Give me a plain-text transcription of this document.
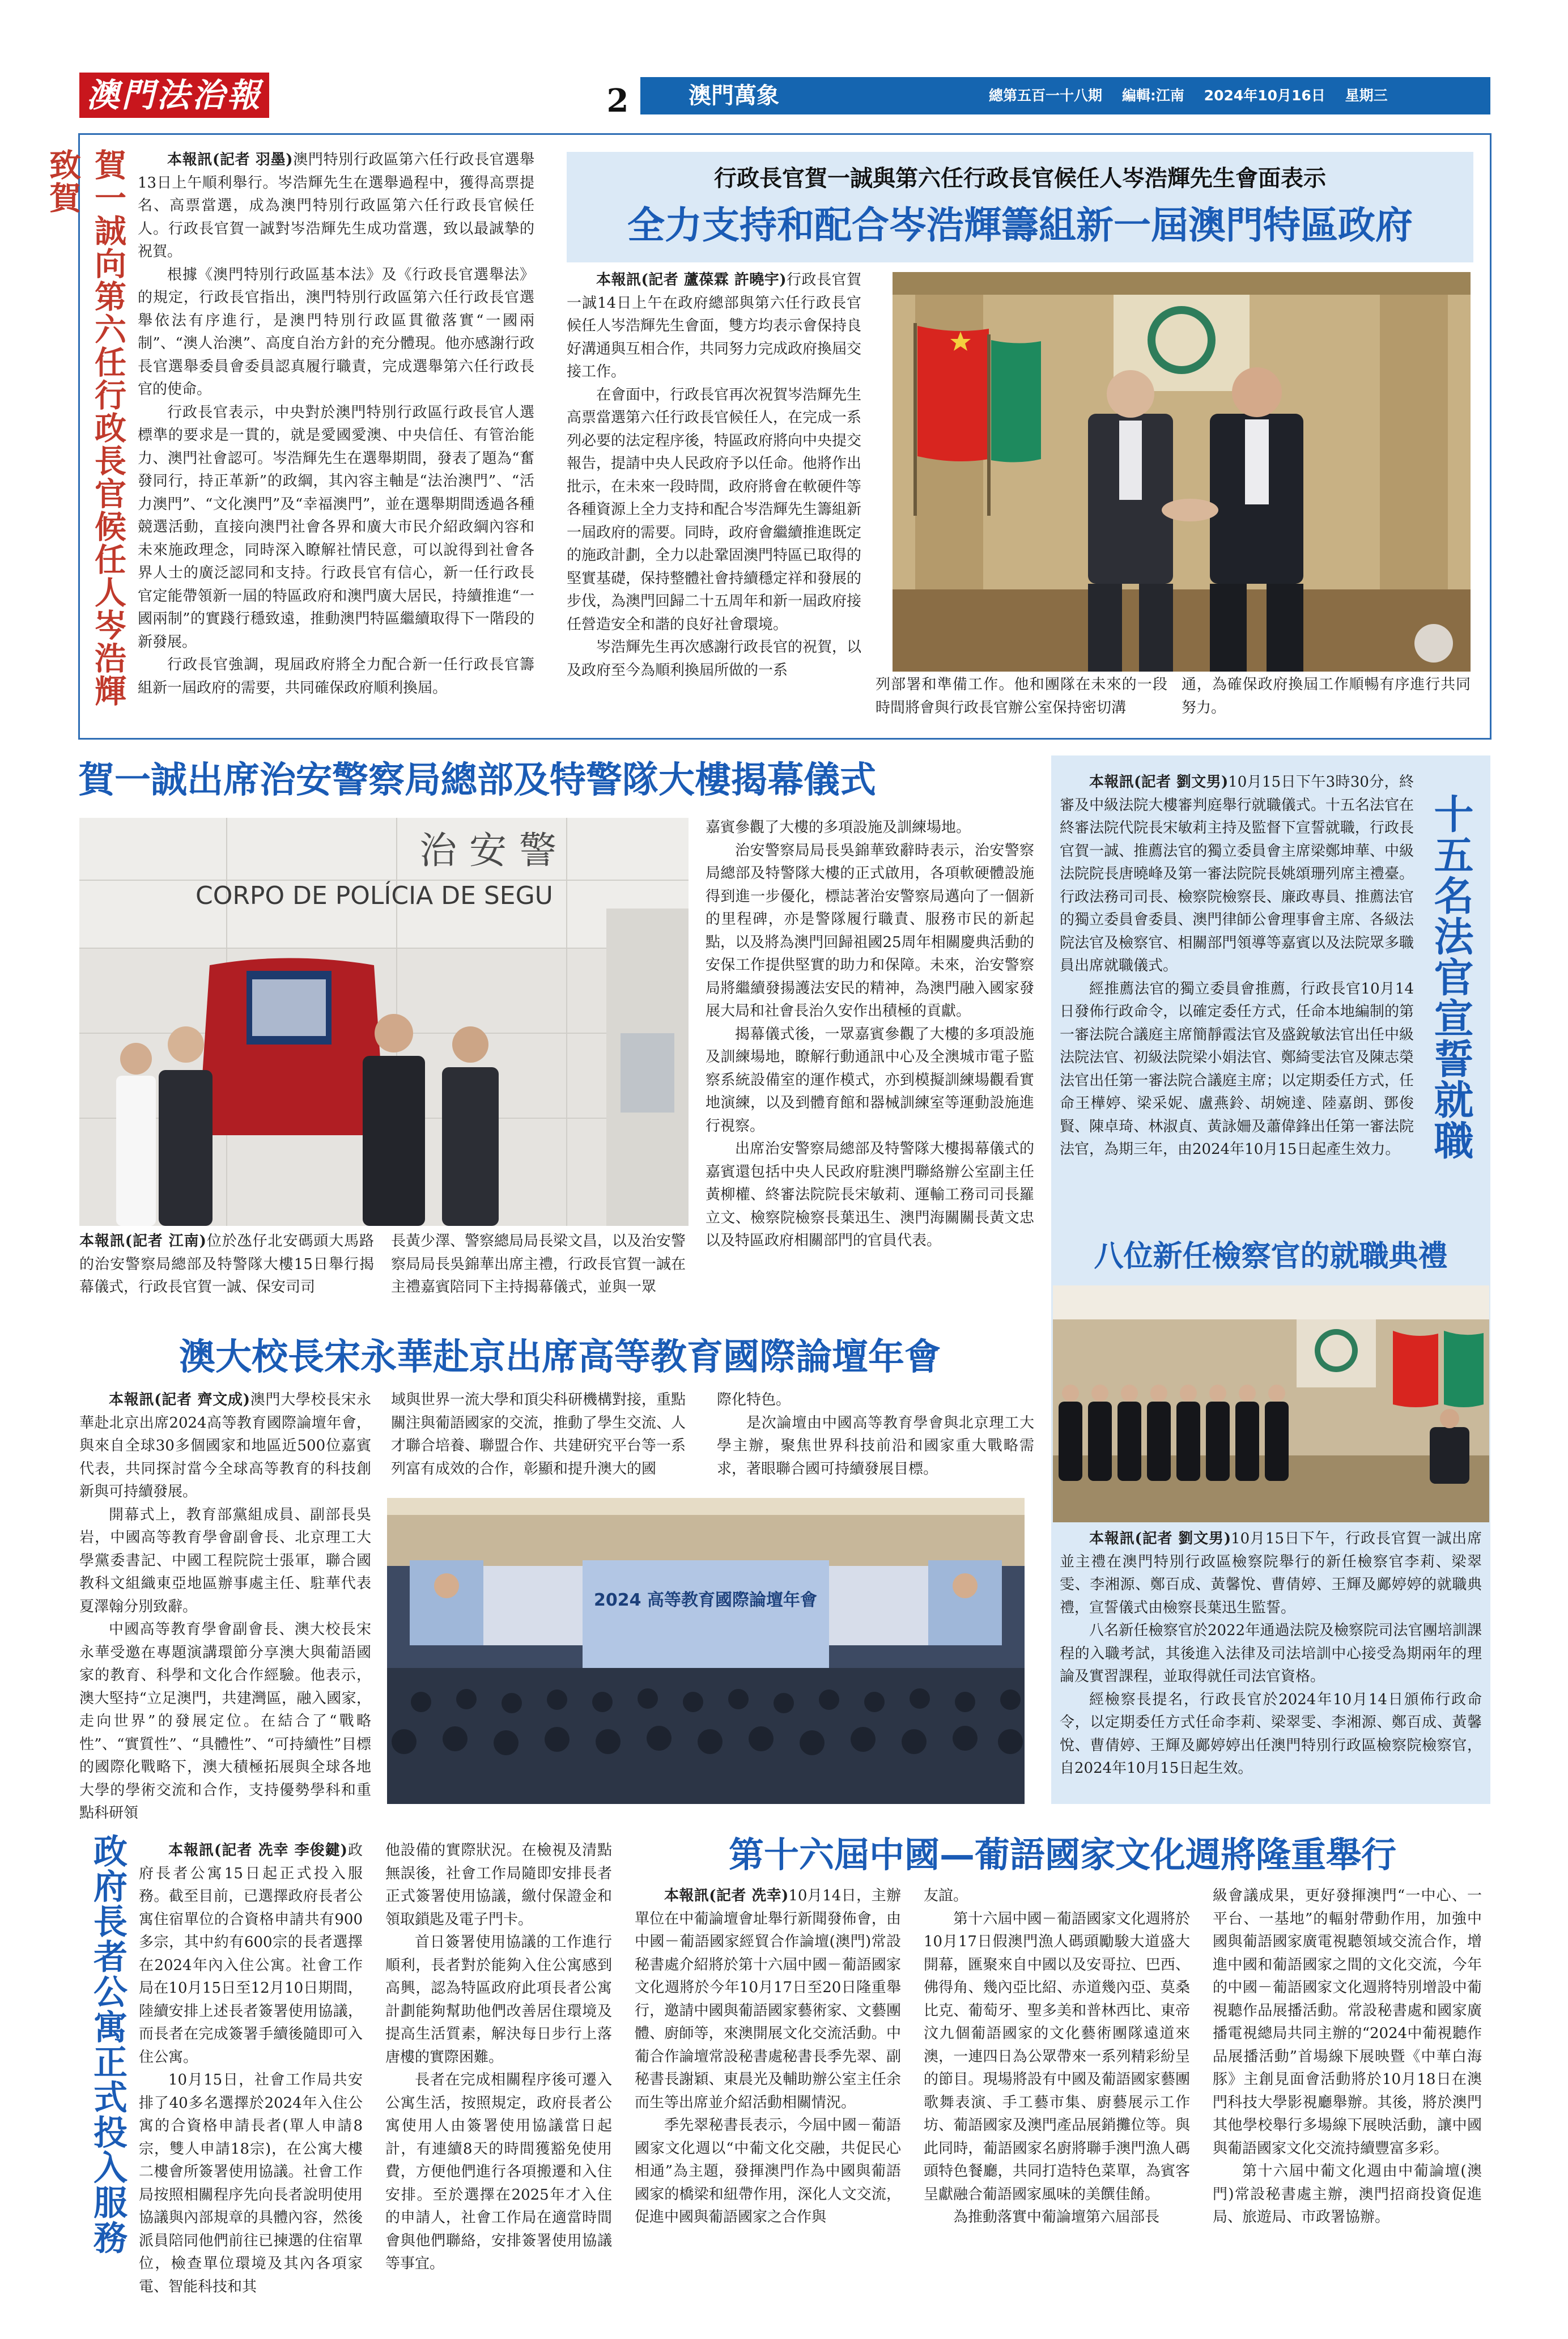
澳門法治報	2	澳門萬象	總第五百一十八期 編輯:江南 2024年10月16日 星期三
賀一誠向第六任行政長官候任人岑浩輝致賀	本報訊(記者 羽墨)澳門特別行政區第六任行政長官選舉13日上午順利舉行。岑浩輝先生在選舉過程中，獲得高票提名、高票當選，成為澳門特別行政區第六任行政長官候任人。行政長官賀一誠對岑浩輝先生成功當選，致以最誠摯的祝賀。

根據《澳門特別行政區基本法》及《行政長官選舉法》的規定，行政長官指出，澳門特別行政區第六任行政長官選舉依法有序進行，是澳門特別行政區貫徹落實“一國兩制”、“澳人治澳”、高度自治方針的充分體現。他亦感謝行政長官選舉委員會委員認真履行職責，完成選舉第六任行政長官的使命。

行政長官表示，中央對於澳門特別行政區行政長官人選標準的要求是一貫的，就是愛國愛澳、中央信任、有管治能力、澳門社會認可。岑浩輝先生在選舉期間，發表了題為“奮發同行，持正革新”的政綱，其內容主軸是“法治澳門”、“活力澳門”、“文化澳門”及“幸福澳門”，並在選舉期間透過各種競選活動，直接向澳門社會各界和廣大市民介紹政綱內容和未來施政理念，同時深入瞭解社情民意，可以說得到社會各界人士的廣泛認同和支持。行政長官有信心，新一任行政長官定能帶領新一屆的特區政府和澳門廣大居民，持續推進“一國兩制”的實踐行穩致遠，推動澳門特區繼續取得下一階段的新發展。

行政長官強調，現屆政府將全力配合新一任行政長官籌組新一屆政府的需要，共同確保政府順利換屆。

行政長官賀一誠與第六任行政長官候任人岑浩輝先生會面表示
全力支持和配合岑浩輝籌組新一屆澳門特區政府

本報訊(記者 蘆葆霖 許曉宇)行政長官賀一誠14日上午在政府總部與第六任行政長官候任人岑浩輝先生會面，雙方均表示會保持良好溝通與互相合作，共同努力完成政府換屆交接工作。

在會面中，行政長官再次祝賀岑浩輝先生高票當選第六任行政長官候任人，在完成一系列必要的法定程序後，特區政府將向中央提交報告，提請中央人民政府予以任命。他將作出批示，在未來一段時間，政府將會在軟硬件等各種資源上全力支持和配合岑浩輝先生籌組新一屆政府的需要。同時，政府會繼續推進既定的施政計劃，全力以赴鞏固澳門特區已取得的堅實基礎，保持整體社會持續穩定祥和發展的步伐，為澳門回歸二十五周年和新一屆政府接任營造安全和諧的良好社會環境。

岑浩輝先生再次感謝行政長官的祝賀，以及政府至今為順利換屆所做的一系

列部署和準備工作。他和團隊在未來的一段時間將會與行政長官辦公室保持密切溝
通，為確保政府換屆工作順暢有序進行共同努力。
賀一誠出席治安警察局總部及特警隊大樓揭幕儀式
治安警
CORPO DE POLÍCIA DE SEGU
本報訊(記者 江南)位於氹仔北安碼頭大馬路的治安警察局總部及特警隊大樓15日舉行揭幕儀式，行政長官賀一誠、保安司司
長黃少澤、警察總局局長梁文昌，以及治安警察局局長吳錦華出席主禮，行政長官賀一誠在主禮嘉賓陪同下主持揭幕儀式，並與一眾

嘉賓參觀了大樓的多項設施及訓練場地。

治安警察局局長吳錦華致辭時表示，治安警察局總部及特警隊大樓的正式啟用，各項軟硬體設施得到進一步優化，標誌著治安警察局邁向了一個新的里程碑，亦是警隊履行職責、服務市民的新起點，以及將為澳門回歸祖國25周年相關慶典活動的安保工作提供堅實的助力和保障。未來，治安警察局將繼續發揚護法安民的精神，為澳門融入國家發展大局和社會長治久安作出積極的貢獻。

揭幕儀式後，一眾嘉賓參觀了大樓的多項設施及訓練場地，瞭解行動通訊中心及全澳城市電子監察系統設備室的運作模式，亦到模擬訓練場觀看實地演練，以及到體育館和器械訓練室等運動設施進行視察。

出席治安警察局總部及特警隊大樓揭幕儀式的嘉賓還包括中央人民政府駐澳門聯絡辦公室副主任黃柳權、終審法院院長宋敏莉、運輸工務司司長羅立文、檢察院檢察長葉迅生、澳門海關關長黃文忠以及特區政府相關部門的官員代表。

本報訊(記者 劉文男)10月15日下午3時30分，終審及中級法院大樓審判庭舉行就職儀式。十五名法官在終審法院代院長宋敏莉主持及監督下宣誓就職，行政長官賀一誠、推薦法官的獨立委員會主席梁鄭坤華、中級法院院長唐曉峰及第一審法院院長姚頌珊列席主禮臺。行政法務司司長、檢察院檢察長、廉政專員、推薦法官的獨立委員會委員、澳門律師公會理事會主席、各級法院法官及檢察官、相關部門領導等嘉賓以及法院眾多職員出席就職儀式。

經推薦法官的獨立委員會推薦，行政長官10月14日發佈行政命令，以確定委任方式，任命本地編制的第一審法院合議庭主席簡靜霞法官及盛銳敏法官出任中級法院法官、初級法院梁小娟法官、鄭綺雯法官及陳志榮法官出任第一審法院合議庭主席；以定期委任方式，任命王樺婷、梁采妮、盧燕鈴、胡婉達、陸嘉朗、鄧俊賢、陳卓琦、林淑貞、黃詠姍及蕭偉鋒出任第一審法院法官，為期三年，由2024年10月15日起產生效力。 十五名法官宣誓就職
八位新任檢察官的就職典禮

本報訊(記者 劉文男)10月15日下午，行政長官賀一誠出席並主禮在澳門特別行政區檢察院舉行的新任檢察官李莉、梁翠雯、李湘源、鄭百成、黃馨悅、曹倩婷、王輝及鄺婷婷的就職典禮，宣誓儀式由檢察長葉迅生監誓。

八名新任檢察官於2022年通過法院及檢察院司法官團培訓課程的入職考試，其後進入法律及司法培訓中心接受為期兩年的理論及實習課程，並取得就任司法官資格。

經檢察長提名，行政長官於2024年10月14日頒佈行政命令，以定期委任方式任命李莉、梁翠雯、李湘源、鄭百成、黃馨悅、曹倩婷、王輝及鄺婷婷出任澳門特別行政區檢察院檢察官，自2024年10月15日起生效。

澳大校長宋永華赴京出席高等教育國際論壇年會

本報訊(記者 齊文成)澳門大學校長宋永華赴北京出席2024高等教育國際論壇年會，與來自全球30多個國家和地區近500位嘉賓代表，共同探討當今全球高等教育的科技創新與可持續發展。

開幕式上，教育部黨組成員、副部長吳岩，中國高等教育學會副會長、北京理工大學黨委書記、中國工程院院士張軍，聯合國教科文組織東亞地區辦事處主任、駐華代表夏澤翰分別致辭。

中國高等教育學會副會長、澳大校長宋永華受邀在專題演講環節分享澳大與葡語國家的教育、科學和文化合作經驗。他表示，澳大堅持“立足澳門，共建灣區，融入國家，走向世界”的發展定位。在結合了“戰略性”、“實質性”、“具體性”、“可持續性”目標的國際化戰略下，澳大積極拓展與全球各地大學的學術交流和合作，支持優勢學科和重點科研領

域與世界一流大學和頂尖科研機構對接，重點關注與葡語國家的交流，推動了學生交流、人才聯合培養、聯盟合作、共建研究平台等一系列富有成效的合作，彰顯和提升澳大的國

際化特色。

是次論壇由中國高等教育學會與北京理工大學主辦，聚焦世界科技前沿和國家重大戰略需求，著眼聯合國可持續發展目標。

2024 高等教育國際論壇年會
政府長者公寓正式投入服務	本報訊(記者 冼幸 李俊鍵)政府長者公寓15日起正式投入服務。截至目前，已選擇政府長者公寓住宿單位的合資格申請共有900多宗，其中約有600宗的長者選擇在2024年內入住公寓。社會工作局在10月15日至12月10日期間，陸續安排上述長者簽署使用協議，而長者在完成簽署手續後隨即可入住公寓。

10月15日，社會工作局共安排了40多名選擇於2024年入住公寓的合資格申請長者(單人申請8宗，雙人申請18宗)，在公寓大樓二樓會所簽署使用協議。社會工作局按照相關程序先向長者說明使用協議與內部規章的具體內容，然後派員陪同他們前往已揀選的住宿單位，檢查單位環境及其內各項家電、智能科技和其

他設備的實際狀況。在檢視及清點無誤後，社會工作局隨即安排長者正式簽署使用協議，繳付保證金和領取鎖匙及電子門卡。

首日簽署使用協議的工作進行順利，長者對於能夠入住公寓感到高興，認為特區政府此項長者公寓計劃能夠幫助他們改善居住環境及提高生活質素，解決每日步行上落唐樓的實際困難。

長者在完成相關程序後可遷入公寓生活，按照規定，政府長者公寓使用人由簽署使用協議當日起計，有連續8天的時間獲豁免使用費，方便他們進行各項搬遷和入住安排。至於選擇在2025年才入住的申請人，社會工作局在適當時間會與他們聯絡，安排簽署使用協議等事宜。

第十六屆中國—葡語國家文化週將隆重舉行

本報訊(記者 冼幸)10月14日，主辦單位在中葡論壇會址舉行新聞發佈會，由中國－葡語國家經貿合作論壇(澳門)常設秘書處介紹將於第十六屆中國－葡語國家文化週將於今年10月17日至20日隆重舉行，邀請中國與葡語國家藝術家、文藝團體、廚師等，來澳開展文化交流活動。中葡合作論壇常設秘書處秘書長季先翠、副秘書長謝穎、東晨光及輔助辦公室主任余而生等出席並介紹活動相關情況。

季先翠秘書長表示，今屆中國－葡語國家文化週以“中葡文化交融，共促民心相通”為主題，發揮澳門作為中國與葡語國家的橋梁和紐帶作用，深化人文交流，促進中國與葡語國家之合作與

友誼。

第十六屆中國－葡語國家文化週將於10月17日假澳門漁人碼頭勵駿大道盛大開幕，匯聚來自中國以及安哥拉、巴西、佛得角、幾內亞比紹、赤道幾內亞、莫桑比克、葡萄牙、聖多美和普林西比、東帝汶九個葡語國家的文化藝術團隊遠道來澳，一連四日為公眾帶來一系列精彩紛呈的節目。現場將設有中國及葡語國家藝團歌舞表演、手工藝市集、廚藝展示工作坊、葡語國家及澳門產品展銷攤位等。與此同時，葡語國家名廚將聯手澳門漁人碼頭特色餐廳，共同打造特色菜單，為賓客呈獻融合葡語國家風味的美饌佳餚。

為推動落實中葡論壇第六屆部長

級會議成果，更好發揮澳門“一中心、一平台、一基地”的輻射帶動作用，加強中國與葡語國家廣電視聽領域交流合作，增進中國和葡語國家之間的文化交流，今年的中國－葡語國家文化週將特別增設中葡視聽作品展播活動。常設秘書處和國家廣播電視總局共同主辦的“2024中葡視聽作品展播活動”首場線下展映暨《中華白海豚》主創見面會活動將於10月18日在澳門科技大學影視廳舉辦。其後，將於澳門其他學校舉行多場線下展映活動，讓中國與葡語國家文化交流持續豐富多彩。

第十六屆中葡文化週由中葡論壇(澳門)常設秘書處主辦，澳門招商投資促進局、旅遊局、市政署協辦。
